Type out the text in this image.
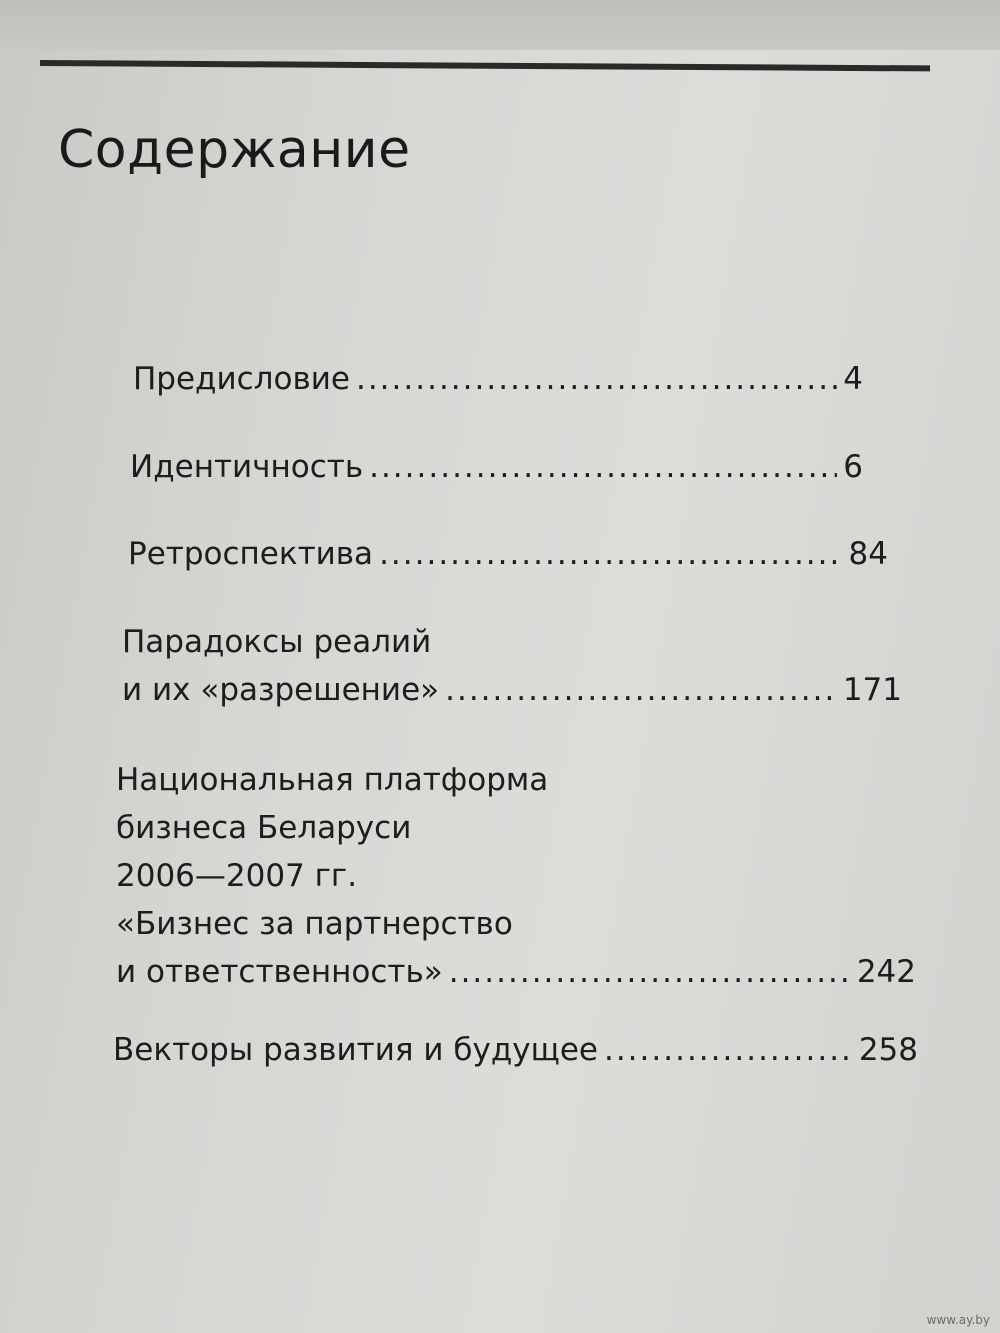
Содержание
Предисловие .....	4
Идентичность .....	6
Ретроспектива .....	84
Парадоксы реалий
и их «разрешение» .....	171
Национальная платформа
бизнеса Беларуси
2006—2007 гг.
«Бизнес за партнерство
и ответственность» .....	242
Векторы развития и будущее .....	258
www.ay.by
